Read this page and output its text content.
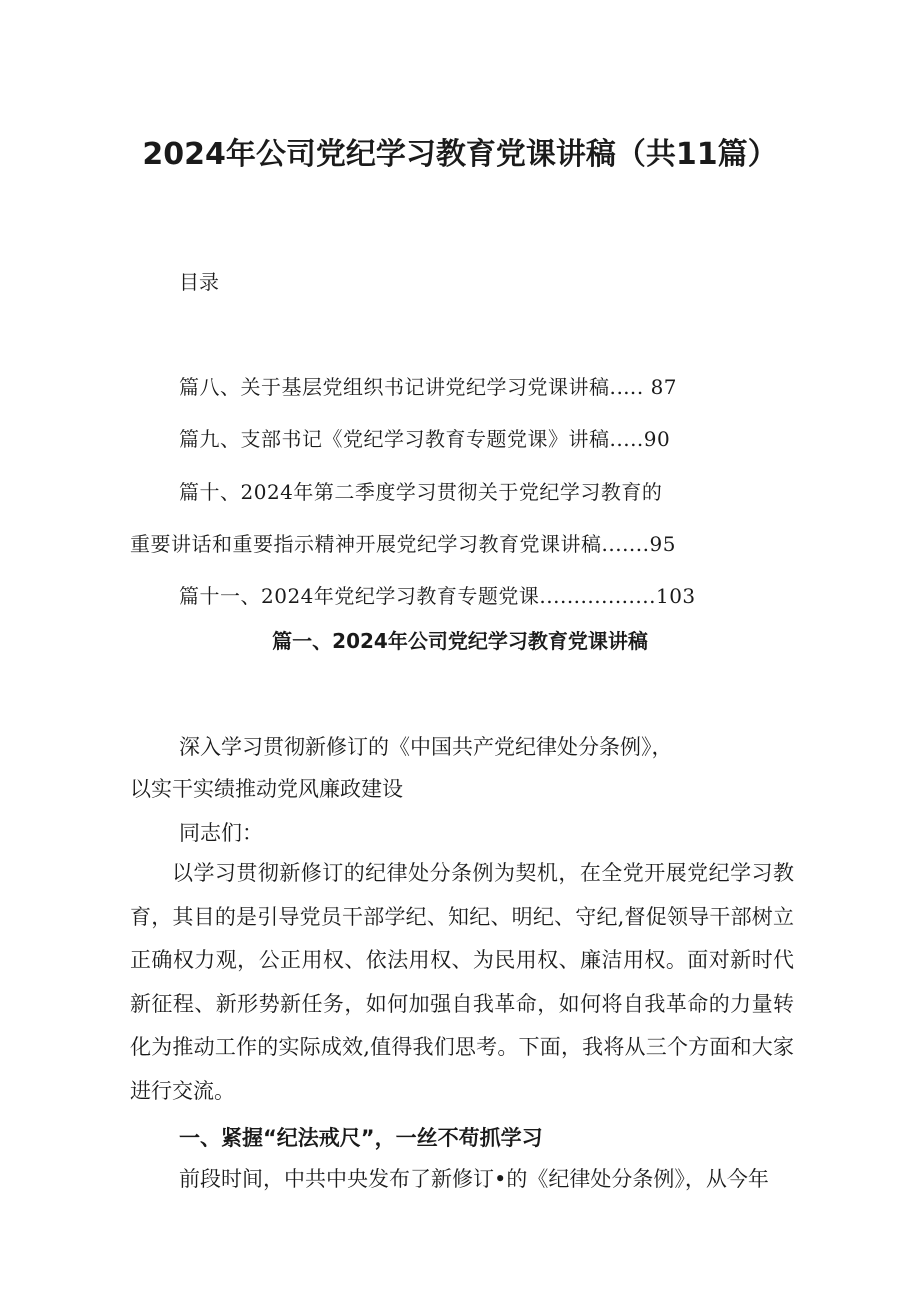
2024年公司党纪学习教育党课讲稿（共11篇）
目录
篇八、关于基层党组织书记讲党纪学习党课讲稿.…. 87
篇九、支部书记《党纪学习教育专题党课》讲稿.....90
篇十、2024年第二季度学习贯彻关于党纪学习教育的
重要讲话和重要指示精神开展党纪学习教育党课讲稿.......95
篇十一、2024年党纪学习教育专题党课.................103
篇一、2024年公司党纪学习教育党课讲稿
深入学习贯彻新修订的《中国共产党纪律处分条例》，
以实干实绩推动党风廉政建设
同志们：
以学习贯彻新修订的纪律处分条例为契机，在全党开展党纪学习教育，其目的是引导党员干部学纪、知纪、明纪、守纪,督促领导干部树立正确权力观，公正用权、依法用权、为民用权、廉洁用权。面对新时代新征程、新形势新任务，如何加强自我革命，如何将自我革命的力量转化为推动工作的实际成效,值得我们思考。下面，我将从三个方面和大家进行交流。
一、紧握“纪法戒尺”，一丝不苟抓学习
前段时间，中共中央发布了新修订•的《纪律处分条例》，从今年
